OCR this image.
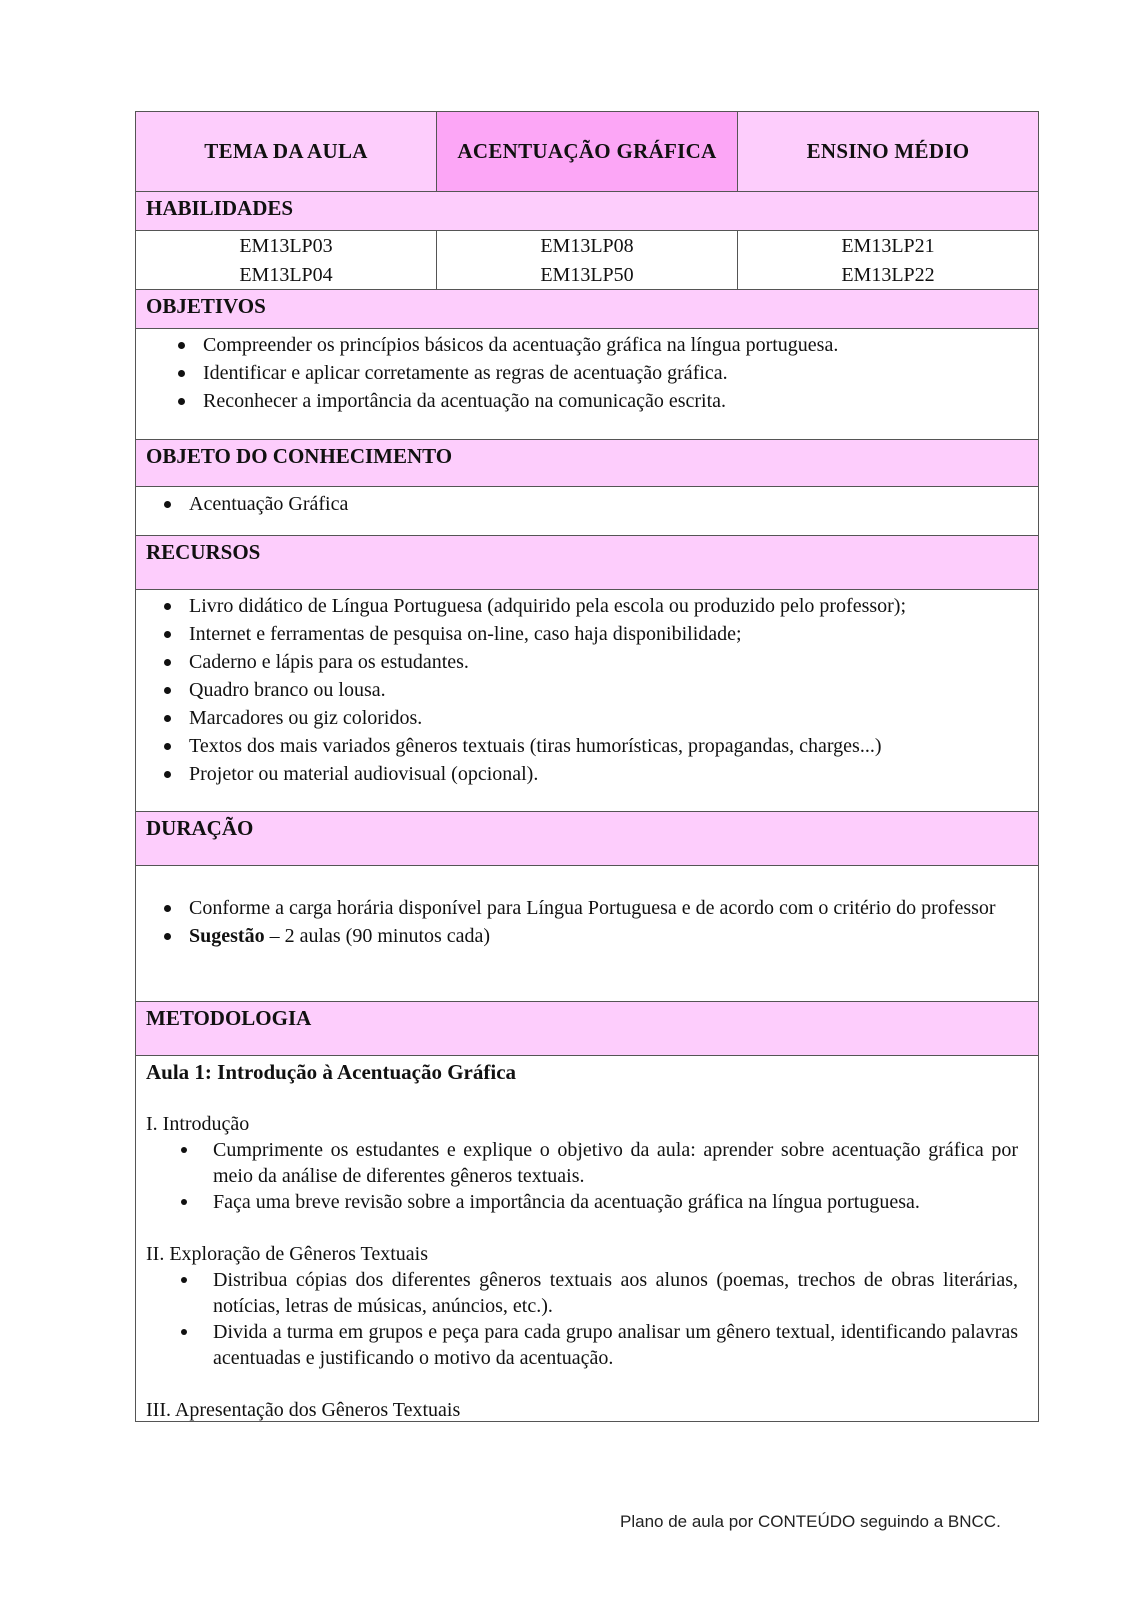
TEMA DA AULA	ACENTUAÇÃO GRÁFICA	ENSINO MÉDIO
HABILIDADES
EM13LP03
EM13LP04
EM13LP08
EM13LP50
EM13LP21
EM13LP22
OBJETIVOS
Compreender os princípios básicos da acentuação gráfica na língua portuguesa.
Identificar e aplicar corretamente as regras de acentuação gráfica.
Reconhecer a importância da acentuação na comunicação escrita.
OBJETO DO CONHECIMENTO
Acentuação Gráfica
RECURSOS
Livro didático de Língua Portuguesa (adquirido pela escola ou produzido pelo professor);
Internet e ferramentas de pesquisa on-line, caso haja disponibilidade;
Caderno e lápis para os estudantes.
Quadro branco ou lousa.
Marcadores ou giz coloridos.
Textos dos mais variados gêneros textuais (tiras humorísticas, propagandas, charges...)
Projetor ou material audiovisual (opcional).
DURAÇÃO
Conforme a carga horária disponível para Língua Portuguesa e de acordo com o critério do professor
Sugestão – 2 aulas (90 minutos cada)
METODOLOGIA
Aula 1: Introdução à Acentuação Gráfica
I. Introdução
Cumprimente os estudantes e explique o objetivo da aula: aprender sobre acentuação gráfica por meio da análise de diferentes gêneros textuais.
Faça uma breve revisão sobre a importância da acentuação gráfica na língua portuguesa.
II. Exploração de Gêneros Textuais
Distribua cópias dos diferentes gêneros textuais aos alunos (poemas, trechos de obras literárias, notícias, letras de músicas, anúncios, etc.).
Divida a turma em grupos e peça para cada grupo analisar um gênero textual, identificando palavras acentuadas e justificando o motivo da acentuação.
III. Apresentação dos Gêneros Textuais
Plano de aula por CONTEÚDO seguindo a BNCC.
